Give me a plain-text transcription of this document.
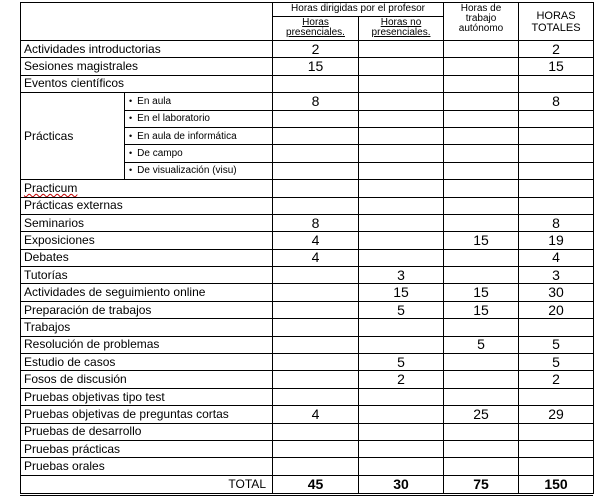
		Horas dirigidas por el profesor		Horas de trabajo autónomo	HORAS TOTALES
		Horas presenciales.	Horas no presenciales.		
Actividades introductorias		2			2
Sesiones magistrales		15			15
Eventos científicos					
Prácticas	• En aula	8			8
	• En el laboratorio				
	• En aula de informática				
	• De campo				
	• De visualización (visu)				
Practicum					
Prácticas externas					
Seminarios		8			8
Exposiciones		4		15	19
Debates		4			4
Tutorías			3		3
Actividades de seguimiento online			15	15	30
Preparación de trabajos			5	15	20
Trabajos					
Resolución de problemas				5	5
Estudio de casos			5		5
Fosos de discusión			2		2
Pruebas objetivas tipo test					
Pruebas objetivas de preguntas cortas		4		25	29
Pruebas de desarrollo					
Pruebas prácticas					
Pruebas orales					
TOTAL		45	30	75	150
